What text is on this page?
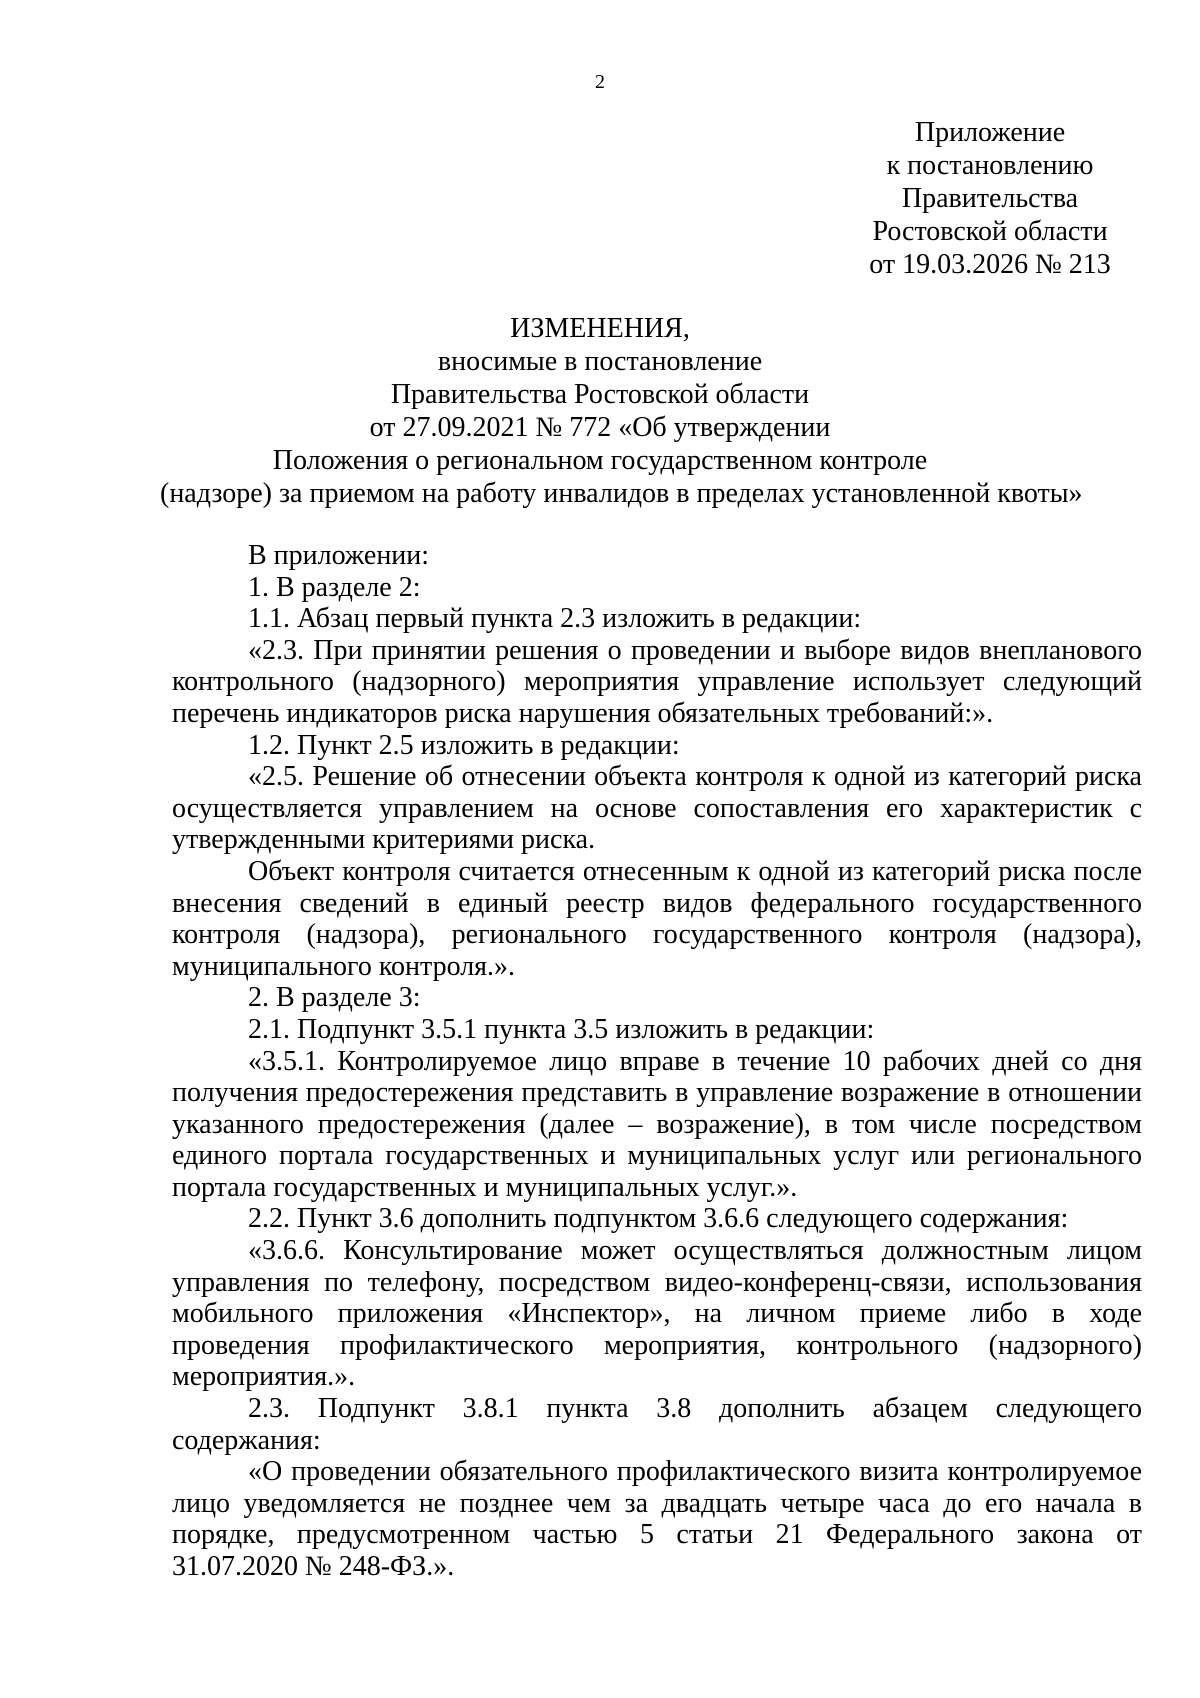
2
Приложение
к постановлению
Правительства
Ростовской области
от 19.03.2026 № 213
ИЗМЕНЕНИЯ,
вносимые в постановление
Правительства Ростовской области
от 27.09.2021 № 772 «Об утверждении
Положения о региональном государственном контроле
(надзоре) за приемом на работу инвалидов в пределах установленной квоты»

В приложении:

1. В разделе 2:

1.1. Абзац первый пункта 2.3 изложить в редакции:

«2.3. При принятии решения о проведении и выборе видов внепланового контрольного (надзорного) мероприятия управление использует следующий перечень индикаторов риска нарушения обязательных требований:».

1.2. Пункт 2.5 изложить в редакции:

«2.5. Решение об отнесении объекта контроля к одной из категорий риска осуществляется управлением на основе сопоставления его характеристик с утвержденными критериями риска.

Объект контроля считается отнесенным к одной из категорий риска после внесения сведений в единый реестр видов федерального государственного контроля (надзора), регионального государственного контроля (надзора), муниципального контроля.».

2. В разделе 3:

2.1. Подпункт 3.5.1 пункта 3.5 изложить в редакции:

«3.5.1. Контролируемое лицо вправе в течение 10 рабочих дней со дня получения предостережения представить в управление возражение в отношении указанного предостережения (далее – возражение), в том числе посредством единого портала государственных и муниципальных услуг или регионального портала государственных и муниципальных услуг.».

2.2. Пункт 3.6 дополнить подпунктом 3.6.6 следующего содержания:

«3.6.6. Консультирование может осуществляться должностным лицом управления по телефону, посредством видео-конференц-связи, использования мобильного приложения «Инспектор», на личном приеме либо в ходе проведения профилактического мероприятия, контрольного (надзорного) мероприятия.».

2.3. Подпункт 3.8.1 пункта 3.8 дополнить абзацем следующего содержания:

«О проведении обязательного профилактического визита контролируемое лицо уведомляется не позднее чем за двадцать четыре часа до его начала в порядке, предусмотренном частью 5 статьи 21 Федерального закона от 31.07.2020 № 248-ФЗ.».
